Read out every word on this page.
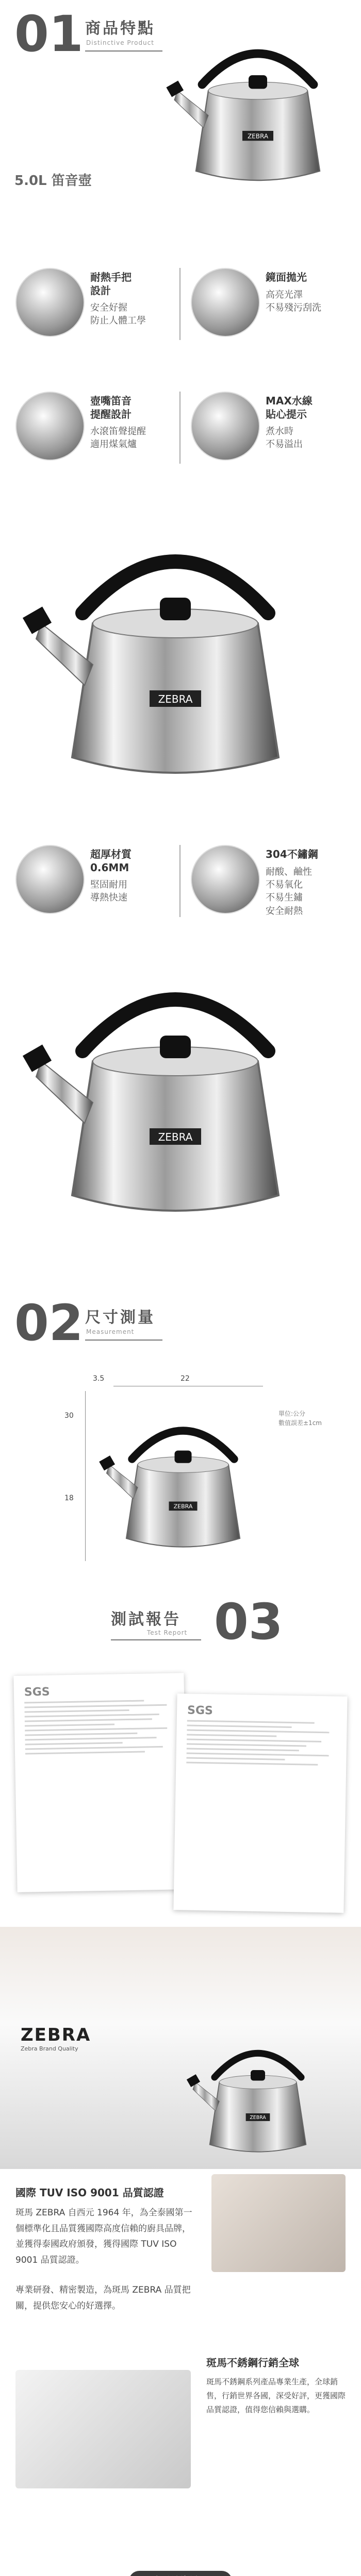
01 商品特點
Distinctive Product
5.0L 笛音壺
耐熱手把
設計
安全好握
防止人體工學
鏡面拋光
高亮光澤
不易殘污刮洗
壺嘴笛音
提醒設計
水滾笛聲提醒
適用煤氣爐
MAX水線
貼心提示
煮水時
不易溢出
超厚材質
0.6MM
堅固耐用
導熱快速
304不鏽鋼
耐酸、鹼性
不易氧化
不易生鏽
安全耐熱
02 尺寸測量
Measurement
22
3.5
30
18
單位:公分
數值誤差±1cm
測試報告
Test Report 03
SGS
SGS
ZEBRA
Zebra Brand Quality
國際 TUV ISO 9001 品質認證
斑馬 ZEBRA 自西元 1964 年，為全泰國第一個標準化且品質獲國際高度信賴的廚具品牌，並獲得泰國政府頒發，獲得國際 TUV ISO 9001 品質認證。
專業研發、精密製造，為斑馬 ZEBRA 品質把關，提供您安心的好選擇。
斑馬不銹鋼行銷全球
斑馬不銹鋼系列產品專業生產，全球銷售，行銷世界各國，深受好評，更獲國際品質認證，值得您信賴與選購。
